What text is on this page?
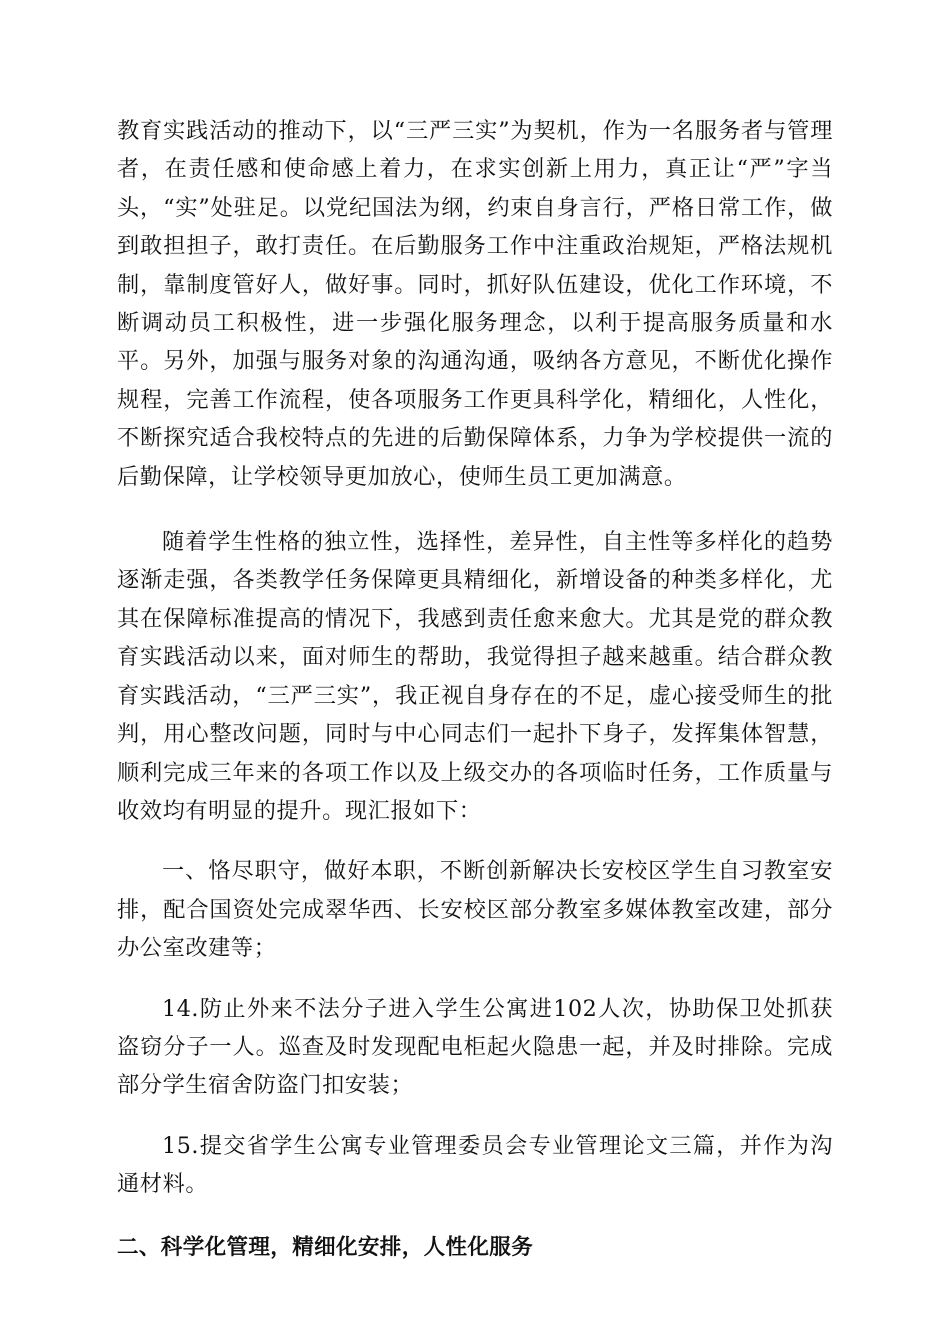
教育实践活动的推动下，以“三严三实”为契机，作为一名服务者与管理者，在责任感和使命感上着力，在求实创新上用力，真正让“严”字当头，“实”处驻足。以党纪国法为纲，约束自身言行，严格日常工作，做到敢担担子，敢打责任。在后勤服务工作中注重政治规矩，严格法规机制，靠制度管好人，做好事。同时，抓好队伍建设，优化工作环境，不断调动员工积极性，进一步强化服务理念，以利于提高服务质量和水平。另外，加强与服务对象的沟通沟通，吸纳各方意见，不断优化操作规程，完善工作流程，使各项服务工作更具科学化，精细化，人性化，不断探究适合我校特点的先进的后勤保障体系，力争为学校提供一流的后勤保障，让学校领导更加放心，使师生员工更加满意。

随着学生性格的独立性，选择性，差异性，自主性等多样化的趋势逐渐走强，各类教学任务保障更具精细化，新增设备的种类多样化，尤其在保障标准提高的情况下，我感到责任愈来愈大。尤其是党的群众教育实践活动以来，面对师生的帮助，我觉得担子越来越重。结合群众教育实践活动，“三严三实”，我正视自身存在的不足，虚心接受师生的批判，用心整改问题，同时与中心同志们一起扑下身子，发挥集体智慧，顺利完成三年来的各项工作以及上级交办的各项临时任务，工作质量与收效均有明显的提升。现汇报如下：

一、恪尽职守，做好本职，不断创新解决长安校区学生自习教室安排，配合国资处完成翠华西、长安校区部分教室多媒体教室改建，部分办公室改建等；

14.防止外来不法分子进入学生公寓进102人次，协助保卫处抓获盗窃分子一人。巡查及时发现配电柜起火隐患一起，并及时排除。完成部分学生宿舍防盗门扣安装；

15.提交省学生公寓专业管理委员会专业管理论文三篇，并作为沟通材料。

二、科学化管理，精细化安排，人性化服务
